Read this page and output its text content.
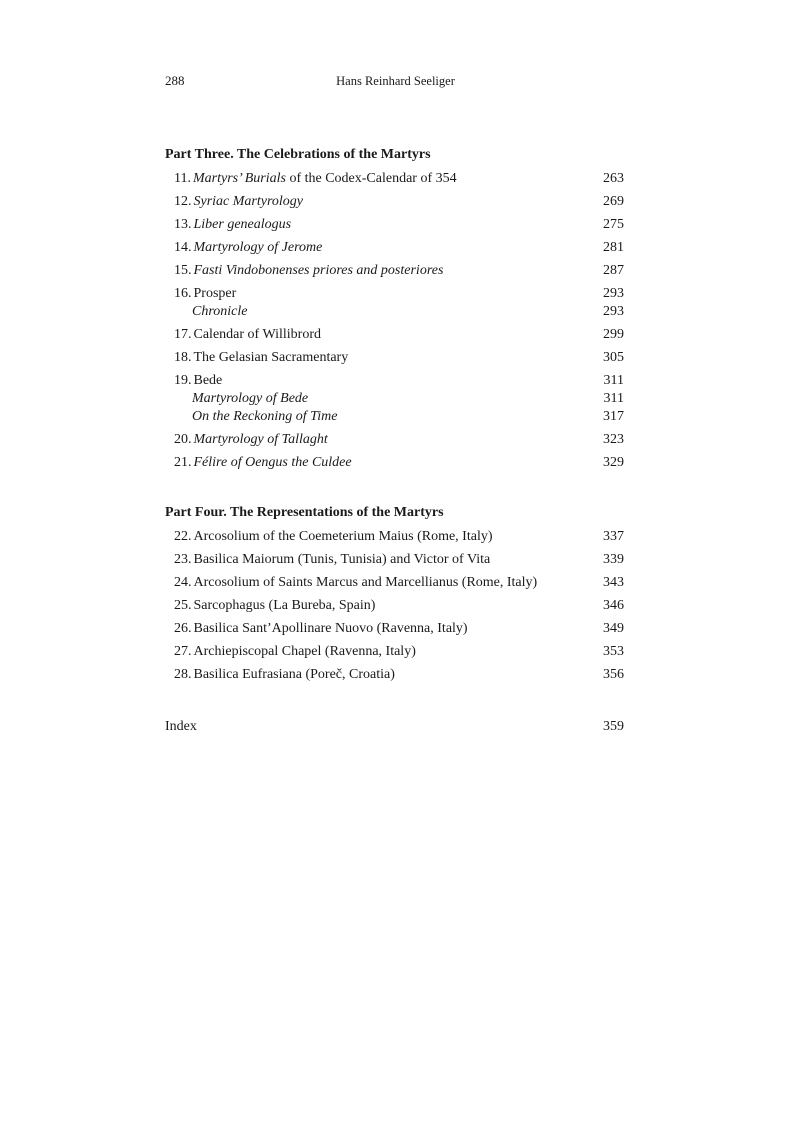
288	Hans Reinhard Seeliger
Part Three. The Celebrations of the Martyrs
11. Martyrs’ Burials of the Codex-Calendar of 354	263
12. Syriac Martyrology	269
13. Liber genealogus	275
14. Martyrology of Jerome	281
15. Fasti Vindobonenses priores and posteriores	287
16. Prosper	293
Chronicle	293
17. Calendar of Willibrord	299
18. The Gelasian Sacramentary	305
19. Bede	311
Martyrology of Bede	311
On the Reckoning of Time	317
20. Martyrology of Tallaght	323
21. Félire of Oengus the Culdee	329
Part Four. The Representations of the Martyrs
22. Arcosolium of the Coemeterium Maius (Rome, Italy)	337
23. Basilica Maiorum (Tunis, Tunisia) and Victor of Vita	339
24. Arcosolium of Saints Marcus and Marcellianus (Rome, Italy)	343
25. Sarcophagus (La Bureba, Spain)	346
26. Basilica Sant’Apollinare Nuovo (Ravenna, Italy)	349
27. Archiepiscopal Chapel (Ravenna, Italy)	353
28. Basilica Eufrasiana (Poreč, Croatia)	356
Index	359
